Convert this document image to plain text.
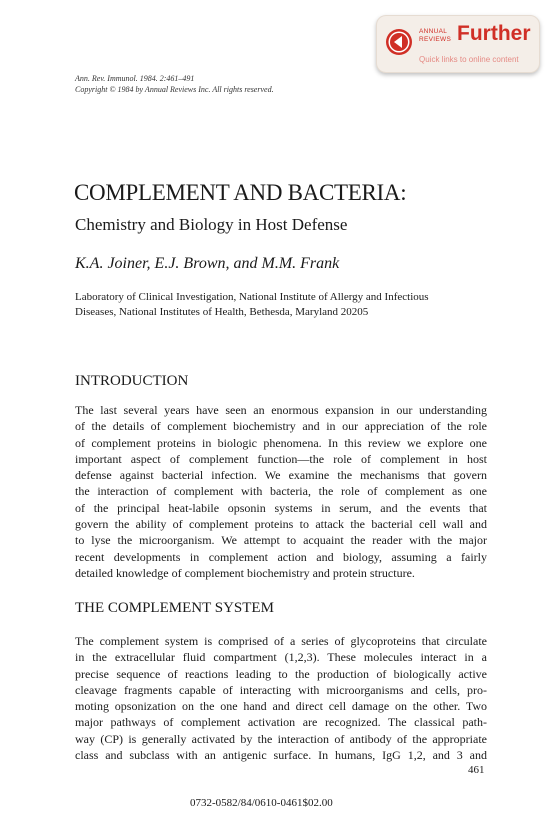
ANNUAL
REVIEWS Further
Quick links to online content
Ann. Rev. Immunol. 1984. 2:461–491
Copyright © 1984 by Annual Reviews Inc. All rights reserved.
COMPLEMENT AND BACTERIA:
Chemistry and Biology in Host Defense
K.A. Joiner, E.J. Brown, and M.M. Frank
Laboratory of Clinical Investigation, National Institute of Allergy and Infectious
Diseases, National Institutes of Health, Bethesda, Maryland 20205
INTRODUCTION
The last several years have seen an enormous expansion in our understanding
of the details of complement biochemistry and in our appreciation of the role
of complement proteins in biologic phenomena. In this review we explore one
important aspect of complement function—the role of complement in host
defense against bacterial infection. We examine the mechanisms that govern
the interaction of complement with bacteria, the role of complement as one
of the principal heat-labile opsonin systems in serum, and the events that
govern the ability of complement proteins to attack the bacterial cell wall and
to lyse the microorganism. We attempt to acquaint the reader with the major
recent developments in complement action and biology, assuming a fairly
detailed knowledge of complement biochemistry and protein structure.
THE COMPLEMENT SYSTEM
The complement system is comprised of a series of glycoproteins that circulate
in the extracellular fluid compartment (1,2,3). These molecules interact in a
precise sequence of reactions leading to the production of biologically active
cleavage fragments capable of interacting with microorganisms and cells, pro-
moting opsonization on the one hand and direct cell damage on the other. Two
major pathways of complement activation are recognized. The classical path-
way (CP) is generally activated by the interaction of antibody of the appropriate
class and subclass with an antigenic surface. In humans, IgG 1,2, and 3 and
461
0732-0582/84/0610-0461$02.00
